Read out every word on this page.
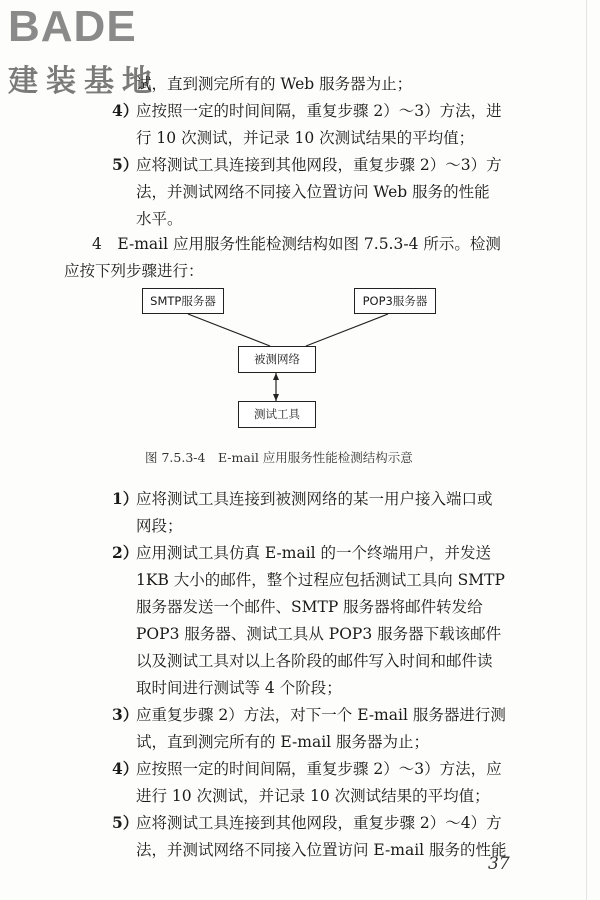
BADE
建装基地
试，直到测完所有的 Web 服务器为止；
4）
应按照一定的时间间隔，重复步骤 2）～3）方法，进
行 10 次测试，并记录 10 次测试结果的平均值；
5）
应将测试工具连接到其他网段，重复步骤 2）～3）方
法，并测试网络不同接入位置访问 Web 服务的性能
水平。
4　E-mail 应用服务性能检测结构如图 7.5.3-4 所示。检测
应按下列步骤进行：
SMTP服务器	POP3服务器
被测网络
测试工具
图 7.5.3-4　E-mail 应用服务性能检测结构示意
1）
应将测试工具连接到被测网络的某一用户接入端口或
网段；
2）
应用测试工具仿真 E-mail 的一个终端用户，并发送
1KB 大小的邮件，整个过程应包括测试工具向 SMTP
服务器发送一个邮件、SMTP 服务器将邮件转发给
POP3 服务器、测试工具从 POP3 服务器下载该邮件
以及测试工具对以上各阶段的邮件写入时间和邮件读
取时间进行测试等 4 个阶段；
3）
应重复步骤 2）方法，对下一个 E-mail 服务器进行测
试，直到测完所有的 E-mail 服务器为止；
4）
应按照一定的时间间隔，重复步骤 2）～3）方法，应
进行 10 次测试，并记录 10 次测试结果的平均值；
5）
应将测试工具连接到其他网段，重复步骤 2）～4）方
法，并测试网络不同接入位置访问 E-mail 服务的性能
37
